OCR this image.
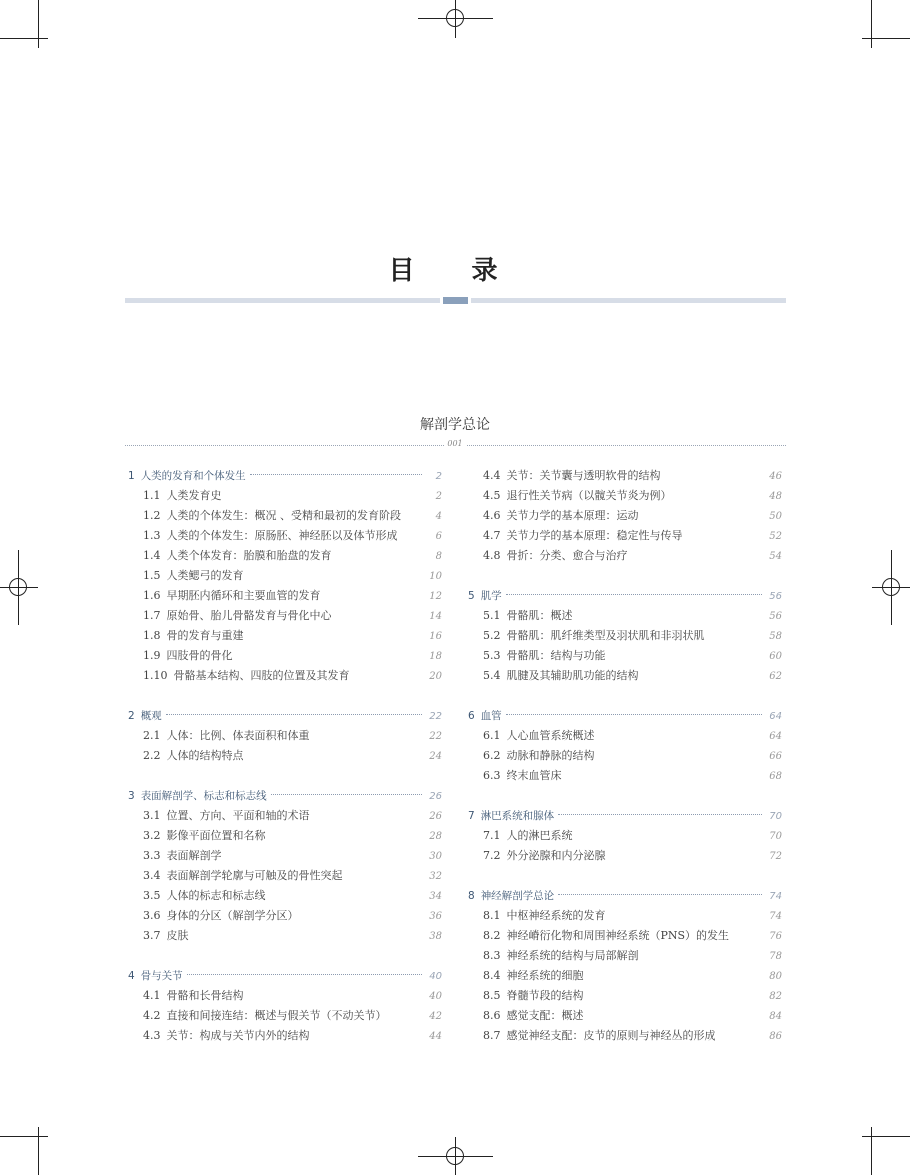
目 录
解剖学总论
001
1 人类的发育和个体发生	2
1.1 人类发育史	2
1.2 人类的个体发生：概况 、受精和最初的发育阶段	4
1.3 人类的个体发生：原肠胚、神经胚以及体节形成	6
1.4 人类个体发育：胎膜和胎盘的发育	8
1.5 人类鳃弓的发育	10
1.6 早期胚内循环和主要血管的发育	12
1.7 原始骨、胎儿骨骼发育与骨化中心	14
1.8 骨的发育与重建	16
1.9 四肢骨的骨化	18
1.10 骨骼基本结构、四肢的位置及其发育	20
2 概观	22
2.1 人体：比例、体表面积和体重	22
2.2 人体的结构特点	24
3 表面解剖学、标志和标志线	26
3.1 位置、方向、平面和轴的术语	26
3.2 影像平面位置和名称	28
3.3 表面解剖学	30
3.4 表面解剖学轮廓与可触及的骨性突起	32
3.5 人体的标志和标志线	34
3.6 身体的分区（解剖学分区）	36
3.7 皮肤	38
4 骨与关节	40
4.1 骨骼和长骨结构	40
4.2 直接和间接连结：概述与假关节（不动关节）	42
4.3 关节：构成与关节内外的结构	44
4.4 关节：关节囊与透明软骨的结构	46
4.5 退行性关节病（以髋关节炎为例）	48
4.6 关节力学的基本原理：运动	50
4.7 关节力学的基本原理：稳定性与传导	52
4.8 骨折：分类、愈合与治疗	54
5 肌学	56
5.1 骨骼肌：概述	56
5.2 骨骼肌：肌纤维类型及羽状肌和非羽状肌	58
5.3 骨骼肌：结构与功能	60
5.4 肌腱及其辅助肌功能的结构	62
6 血管	64
6.1 人心血管系统概述	64
6.2 动脉和静脉的结构	66
6.3 终末血管床	68
7 淋巴系统和腺体	70
7.1 人的淋巴系统	70
7.2 外分泌腺和内分泌腺	72
8 神经解剖学总论	74
8.1 中枢神经系统的发育	74
8.2 神经嵴衍化物和周围神经系统（PNS）的发生	76
8.3 神经系统的结构与局部解剖	78
8.4 神经系统的细胞	80
8.5 脊髓节段的结构	82
8.6 感觉支配：概述	84
8.7 感觉神经支配：皮节的原则与神经丛的形成	86
